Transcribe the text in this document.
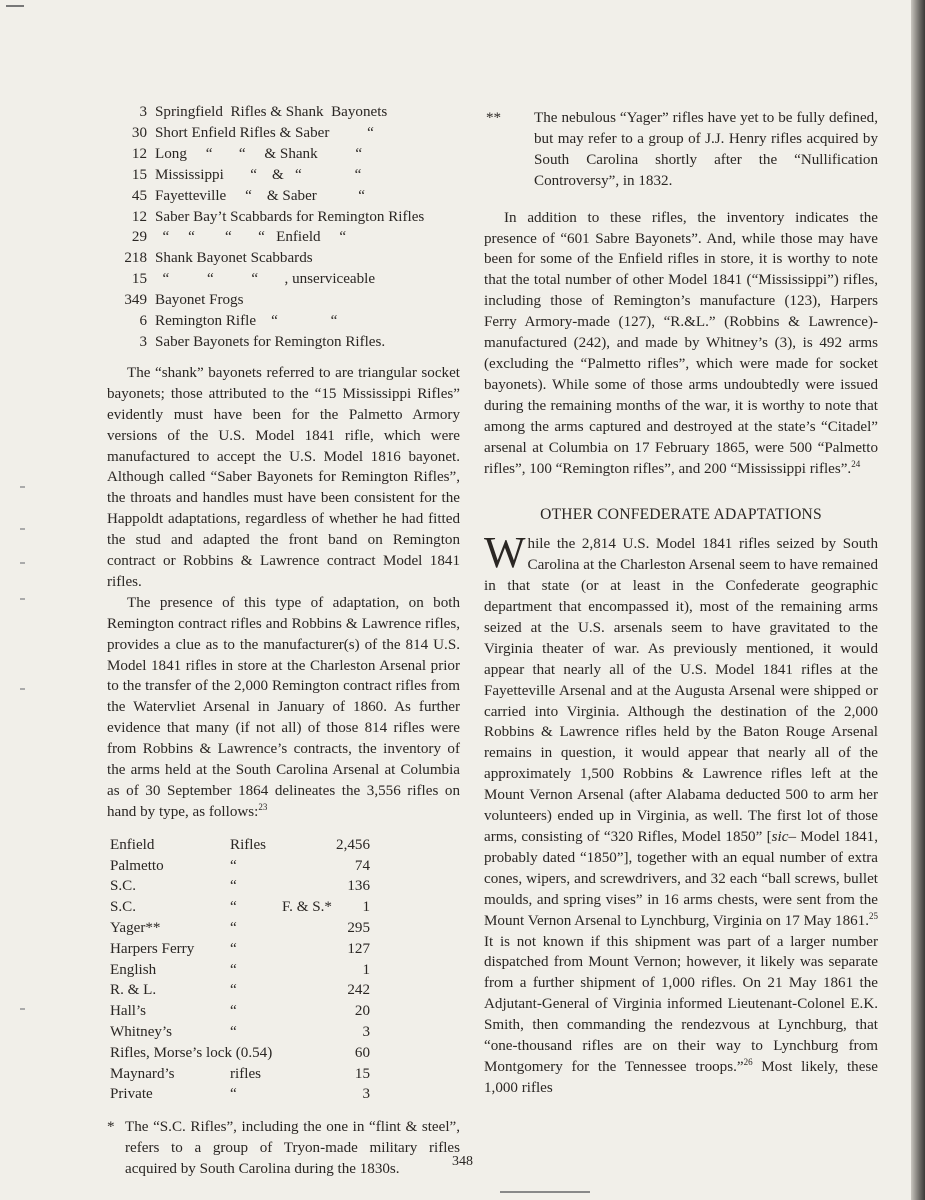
3 Springfield  Rifles & Shank  Bayonets
30 Short Enfield Rifles & Saber          “
12 Long     “       “     & Shank          “
15 Mississippi       “    &   “              “
45 Fayetteville     “    & Saber           “
12 Saber Bay’t Scabbards for Remington Rifles
29 “     “        “       “   Enfield     “
218 Shank Bayonet Scabbards
15 “          “          “       , unserviceable
349 Bayonet Frogs
6 Remington Rifle    “              “
3 Saber Bayonets for Remington Rifles.

The “shank” bayonets referred to are triangular socket bayonets; those attributed to the “15 Mississippi Rifles” evidently must have been for the Palmetto Armory versions of the U.S. Model 1841 rifle, which were manufactured to accept the U.S. Model 1816 bayonet. Although called “Saber Bayonets for Remington Rifles”, the throats and handles must have been consistent for the Happoldt adaptations, regardless of whether he had fitted the stud and adapted the front band on Remington contract or Robbins & Lawrence contract Model 1841 rifles.

The presence of this type of adaptation, on both Remington contract rifles and Robbins & Lawrence rifles, provides a clue as to the manufacturer(s) of the 814 U.S. Model 1841 rifles in store at the Charleston Arsenal prior to the transfer of the 2,000 Remington contract rifles from the Watervliet Arsenal in January of 1860. As further evidence that many (if not all) of those 814 rifles were from Robbins & Lawrence’s contracts, the inventory of the arms held at the South Carolina Arsenal at Columbia as of 30 September 1864 delineates the 3,556 rifles on hand by type, as follows:$^{23}$

Enfield	Rifles		2,456
Palmetto	“		74
S.C.	“		136
S.C.	“	F. & S.*	1
Yager**	“		295
Harpers Ferry	“		127
English	“		1
R. & L.	“		242
Hall’s	“		20
Whitney’s	“		3
Rifles, Morse’s lock (0.54)			60
Maynard’s	rifles		15
Private	“		3
* The “S.C. Rifles”, including the one in “flint & steel”, refers to a group of Tryon-made military rifles acquired by South Carolina during the 1830s.

** The nebulous “Yager” rifles have yet to be fully defined, but may refer to a group of J.J. Henry rifles acquired by South Carolina shortly after the “Nullification Controversy”, in 1832.

In addition to these rifles, the inventory indicates the presence of “601 Sabre Bayonets”. And, while those may have been for some of the Enfield rifles in store, it is worthy to note that the total number of other Model 1841 (“Mississippi”) rifles, including those of Remington’s manufacture (123), Harpers Ferry Armory-made (127), “R.&L.” (Robbins & Lawrence)-manufactured (242), and made by Whitney’s (3), is 492 arms (excluding the “Palmetto rifles”, which were made for socket bayonets). While some of those arms undoubtedly were issued during the remaining months of the war, it is worthy to note that among the arms captured and destroyed at the state’s “Citadel” arsenal at Columbia on 17 February 1865, were 500 “Palmetto rifles”, 100 “Remington rifles”, and 200 “Mississippi rifles”.$^{24}$

OTHER CONFEDERATE ADAPTATIONS

While the 2,814 U.S. Model 1841 rifles seized by South Carolina at the Charleston Arsenal seem to have remained in that state (or at least in the Confederate geographic department that encompassed it), most of the remaining arms seized at the U.S. arsenals seem to have gravitated to the Virginia theater of war. As previously mentioned, it would appear that nearly all of the U.S. Model 1841 rifles at the Fayetteville Arsenal and at the Augusta Arsenal were shipped or carried into Virginia. Although the destination of the 2,000 Robbins & Lawrence rifles held by the Baton Rouge Arsenal remains in question, it would appear that nearly all of the approximately 1,500 Robbins & Lawrence rifles left at the Mount Vernon Arsenal (after Alabama deducted 500 to arm her volunteers) ended up in Virginia, as well. The first lot of those arms, consisting of “320 Rifles, Model 1850” [sic– Model 1841, probably dated “1850”], together with an equal number of extra cones, wipers, and screwdrivers, and 32 each “ball screws, bullet moulds, and spring vises” in 16 arms chests, were sent from the Mount Vernon Arsenal to Lynchburg, Virginia on 17 May 1861.25 It is not known if this shipment was part of a larger number dispatched from Mount Vernon; however, it likely was separate from a further shipment of 1,000 rifles. On 21 May 1861 the Adjutant-General of Virginia informed Lieutenant-Colonel E.K. Smith, then commanding the rendezvous at Lynchburg, that “one-thousand rifles are on their way to Lynchburg from Montgomery for the Tennessee troops.”$^{26}$ Most likely, these 1,000 rifles

348
